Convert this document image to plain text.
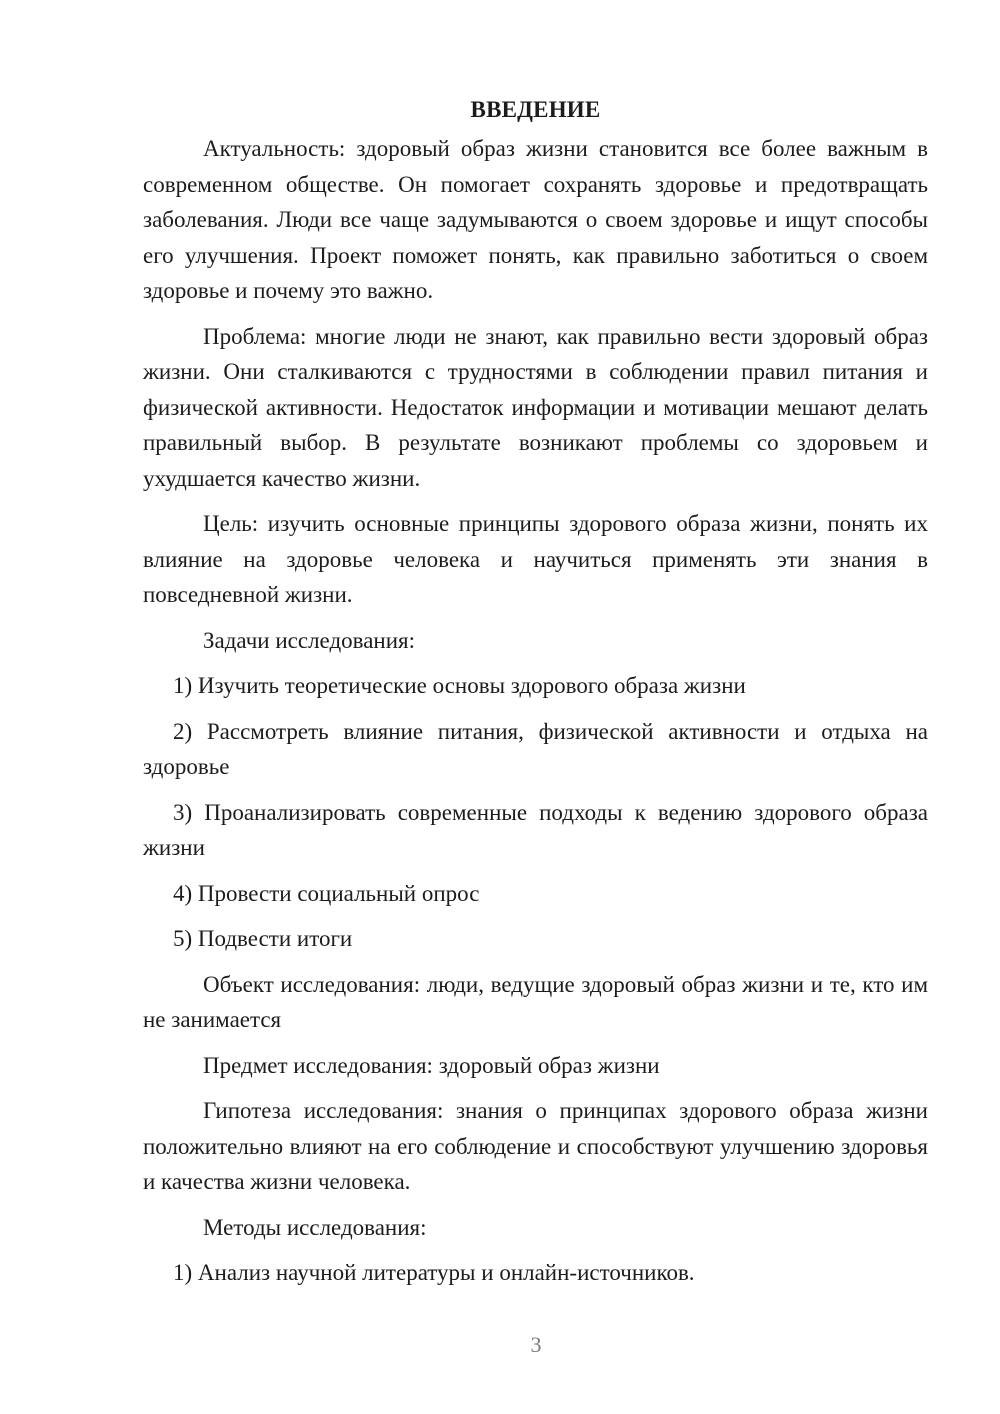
ВВЕДЕНИЕ

Актуальность: здоровый образ жизни становится все более важным в современном обществе. Он помогает сохранять здоровье и предотвращать заболевания. Люди все чаще задумываются о своем здоровье и ищут способы его улучшения. Проект поможет понять, как правильно заботиться о своем здоровье и почему это важно.

Проблема: многие люди не знают, как правильно вести здоровый образ жизни. Они сталкиваются с трудностями в соблюдении правил питания и физической активности. Недостаток информации и мотивации мешают делать правильный выбор. В результате возникают проблемы со здоровьем и ухудшается качество жизни.

Цель: изучить основные принципы здорового образа жизни, понять их влияние на здоровье человека и научиться применять эти знания в повседневной жизни.

Задачи исследования:

1) Изучить теоретические основы здорового образа жизни

2) Рассмотреть влияние питания, физической активности и отдыха на здоровье

3) Проанализировать современные подходы к ведению здорового образа жизни

4) Провести социальный опрос

5) Подвести итоги

Объект исследования: люди, ведущие здоровый образ жизни и те, кто им не занимается

Предмет исследования: здоровый образ жизни

Гипотеза исследования: знания о принципах здорового образа жизни положительно влияют на его соблюдение и способствуют улучшению здоровья и качества жизни человека.

Методы исследования:

1) Анализ научной литературы и онлайн-источников.

3
